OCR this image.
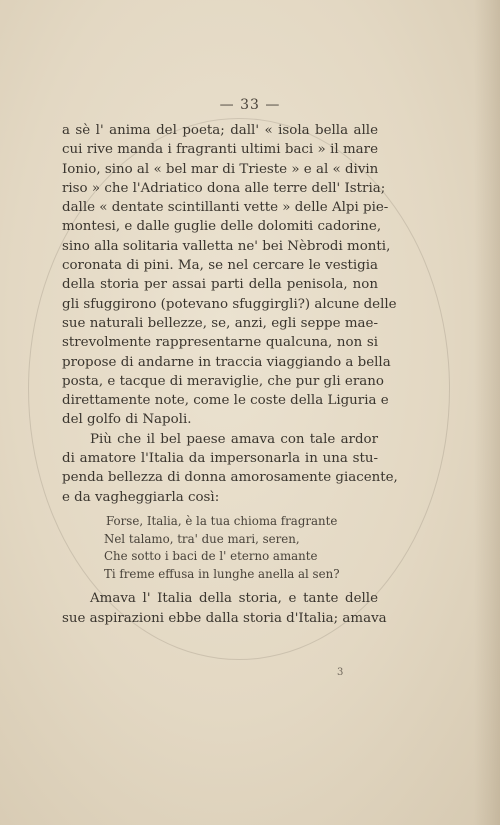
— 33 —
a sè l' anima del poeta; dall' « isola bella alle
cui rive manda i fragranti ultimi baci » il mare
Ionio, sino al « bel mar di Trieste » e al « divin
riso » che l'Adriatico dona alle terre dell' Istria;
dalle « dentate scintillanti vette » delle Alpi pie-
montesi, e dalle guglie delle dolomiti cadorine,
sino alla solitaria valletta ne' bei Nèbrodi monti,
coronata di pini. Ma, se nel cercare le vestigia
della storia per assai parti della penisola, non
gli sfuggirono (potevano sfuggirgli?) alcune delle
sue naturali bellezze, se, anzi, egli seppe mae-
strevolmente rappresentarne qualcuna, non si
propose di andarne in traccia viaggiando a bella
posta, e tacque di meraviglie, che pur gli erano
direttamente note, come le coste della Liguria e
del golfo di Napoli.
Più che il bel paese amava con tale ardor
di amatore l'Italia da impersonarla in una stu-
penda bellezza di donna amorosamente giacente,
e da vagheggiarla così:
Forse, Italia, è la tua chioma fragrante
Nel talamo, tra' due mari, seren,
Che sotto i baci de l' eterno amante
Ti freme effusa in lunghe anella al sen?
Amava l' Italia della storia, e tante delle
sue aspirazioni ebbe dalla storia d'Italia; amava
3
